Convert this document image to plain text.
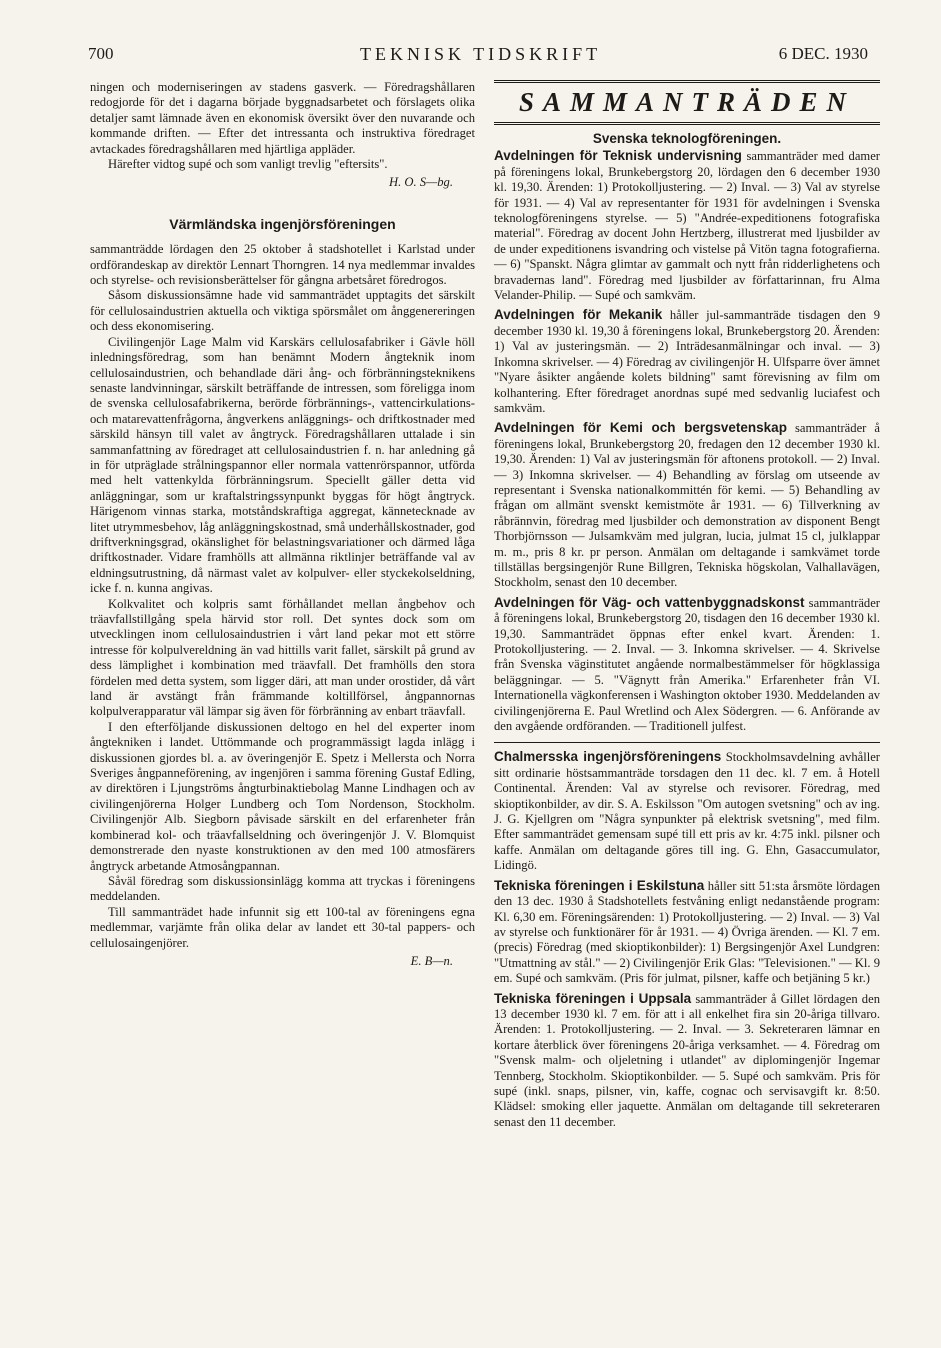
700	TEKNISK TIDSKRIFT	6 DEC. 1930

ningen och moderniseringen av stadens gasverk. — Föredragshållaren redogjorde för det i dagarna började byggnadsarbetet och förslagets olika detaljer samt lämnade även en ekonomisk översikt över den nuvarande och kommande driften. — Efter det intressanta och instruktiva föredraget avtackades föredragshållaren med hjärtliga appläder.

Härefter vidtog supé och som vanligt trevlig "eftersits".

H. O. S—bg.

Värmländska ingenjörsföreningen

sammanträdde lördagen den 25 oktober å stadshotellet i Karlstad under ordförandeskap av direktör Lennart Thorngren. 14 nya medlemmar invaldes och styrelse- och revisionsberättelser för gångna arbetsåret föredrogos.

Såsom diskussionsämne hade vid sammanträdet upptagits det särskilt för cellulosaindustrien aktuella och viktiga spörsmålet om ånggenereringen och dess ekonomisering.

Civilingenjör Lage Malm vid Karskärs cellulosafabriker i Gävle höll inledningsföredrag, som han benämnt Modern ångteknik inom cellulosaindustrien, och behandlade däri ång- och förbränningsteknikens senaste landvinningar, särskilt beträffande de intressen, som föreligga inom de svenska cellulosafabrikerna, berörde förbrännings-, vattencirkulations- och matarevattenfrågorna, ångverkens anläggnings- och driftkostnader med särskild hänsyn till valet av ångtryck. Föredragshållaren uttalade i sin sammanfattning av föredraget att cellulosaindustrien f. n. har anledning gå in för utpräglade strålningspannor eller normala vattenrörspannor, utförda med helt vattenkylda förbränningsrum. Speciellt gäller detta vid anläggningar, som ur kraftalstringssynpunkt byggas för högt ångtryck. Härigenom vinnas starka, motståndskraftiga aggregat, kännetecknade av litet utrymmesbehov, låg anläggningskostnad, små underhållskostnader, god driftverkningsgrad, okänslighet för belastningsvariationer och därmed låga driftkostnader. Vidare framhölls att allmänna riktlinjer beträffande val av eldningsutrustning, då närmast valet av kolpulver- eller styckekolseldning, icke f. n. kunna angivas.

Kolkvalitet och kolpris samt förhållandet mellan ångbehov och träavfallstillgång spela härvid stor roll. Det syntes dock som om utvecklingen inom cellulosaindustrien i vårt land pekar mot ett större intresse för kolpulvereldning än vad hittills varit fallet, särskilt på grund av dess lämplighet i kombination med träavfall. Det framhölls den stora fördelen med detta system, som ligger däri, att man under orostider, då vårt land är avstängt från främmande koltillförsel, ångpannornas kolpulverapparatur väl lämpar sig även för förbränning av enbart träavfall.

I den efterföljande diskussionen deltogo en hel del experter inom ångtekniken i landet. Uttömmande och programmässigt lagda inlägg i diskussionen gjordes bl. a. av överingenjör E. Spetz i Mellersta och Norra Sveriges ångpanneförening, av ingenjören i samma förening Gustaf Edling, av direktören i Ljungströms ångturbinaktiebolag Manne Lindhagen och av civilingenjörerna Holger Lundberg och Tom Nordenson, Stockholm. Civilingenjör Alb. Siegborn påvisade särskilt en del erfarenheter från kombinerad kol- och träavfallseldning och överingenjör J. V. Blomquist demonstrerade den nyaste konstruktionen av den med 100 atmosfärers ångtryck arbetande Atmosångpannan.

Såväl föredrag som diskussionsinlägg komma att tryckas i föreningens meddelanden.

Till sammanträdet hade infunnit sig ett 100-tal av föreningens egna medlemmar, varjämte från olika delar av landet ett 30-tal pappers- och cellulosaingenjörer.

E. B—n.

SAMMANTRÄDEN

Svenska teknologföreningen.

Avdelningen för Teknisk undervisning sammanträder med damer på föreningens lokal, Brunkebergstorg 20, lördagen den 6 december 1930 kl. 19,30. Ärenden: 1) Protokolljustering. — 2) Inval. — 3) Val av styrelse för 1931. — 4) Val av representanter för 1931 för avdelningen i Svenska teknologföreningens styrelse. — 5) "Andrée-expeditionens fotografiska material". Föredrag av docent John Hertzberg, illustrerat med ljusbilder av de under expeditionens isvandring och vistelse på Vitön tagna fotografierna. — 6) "Spanskt. Några glimtar av gammalt och nytt från ridderlighetens och bravadernas land". Föredrag med ljusbilder av författarinnan, fru Alma Velander-Philip. — Supé och samkväm.

Avdelningen för Mekanik håller jul-sammanträde tisdagen den 9 december 1930 kl. 19,30 å föreningens lokal, Brunkebergstorg 20. Ärenden: 1) Val av justeringsmän. — 2) Inträdesanmälningar och inval. — 3) Inkomna skrivelser. — 4) Föredrag av civilingenjör H. Ulfsparre över ämnet "Nyare åsikter angående kolets bildning" samt förevisning av film om kolhantering. Efter föredraget anordnas supé med sedvanlig luciafest och samkväm.

Avdelningen för Kemi och bergsvetenskap sammanträder å föreningens lokal, Brunkebergstorg 20, fredagen den 12 december 1930 kl. 19,30. Ärenden: 1) Val av justeringsmän för aftonens protokoll. — 2) Inval. — 3) Inkomna skrivelser. — 4) Behandling av förslag om utseende av representant i Svenska nationalkommittén för kemi. — 5) Behandling av frågan om allmänt svenskt kemistmöte år 1931. — 6) Tillverkning av råbrännvin, föredrag med ljusbilder och demonstration av disponent Bengt Thorbjörnsson — Julsamkväm med julgran, lucia, julmat 15 cl, julklappar m. m., pris 8 kr. pr person. Anmälan om deltagande i samkvämet torde tillställas bergsingenjör Rune Billgren, Tekniska högskolan, Valhallavägen, Stockholm, senast den 10 december.

Avdelningen för Väg- och vattenbyggnadskonst sammanträder å föreningens lokal, Brunkebergstorg 20, tisdagen den 16 december 1930 kl. 19,30. Sammanträdet öppnas efter enkel kvart. Ärenden: 1. Protokolljustering. — 2. Inval. — 3. Inkomna skrivelser. — 4. Skrivelse från Svenska väginstitutet angående normalbestämmelser för högklassiga beläggningar. — 5. "Vägnytt från Amerika." Erfarenheter från VI. Internationella vägkonferensen i Washington oktober 1930. Meddelanden av civilingenjörerna E. Paul Wretlind och Alex Södergren. — 6. Anförande av den avgående ordföranden. — Traditionell julfest.

Chalmersska ingenjörsföreningens Stockholmsavdelning avhåller sitt ordinarie höstsammanträde torsdagen den 11 dec. kl. 7 em. å Hotell Continental. Ärenden: Val av styrelse och revisorer. Föredrag, med skioptikonbilder, av dir. S. A. Eskilsson "Om autogen svetsning" och av ing. J. G. Kjellgren om "Några synpunkter på elektrisk svetsning", med film. Efter sammanträdet gemensam supé till ett pris av kr. 4:75 inkl. pilsner och kaffe. Anmälan om deltagande göres till ing. G. Ehn, Gasaccumulator, Lidingö.

Tekniska föreningen i Eskilstuna håller sitt 51:sta årsmöte lördagen den 13 dec. 1930 å Stadshotellets festvåning enligt nedanstående program: Kl. 6,30 em. Föreningsärenden: 1) Protokolljustering. — 2) Inval. — 3) Val av styrelse och funktionärer för år 1931. — 4) Övriga ärenden. — Kl. 7 em. (precis) Föredrag (med skioptikonbilder): 1) Bergsingenjör Axel Lundgren: "Utmattning av stål." — 2) Civilingenjör Erik Glas: "Televisionen." — Kl. 9 em. Supé och samkväm. (Pris för julmat, pilsner, kaffe och betjäning 5 kr.)

Tekniska föreningen i Uppsala sammanträder å Gillet lördagen den 13 december 1930 kl. 7 em. för att i all enkelhet fira sin 20-åriga tillvaro. Ärenden: 1. Protokolljustering. — 2. Inval. — 3. Sekreteraren lämnar en kortare återblick över föreningens 20-åriga verksamhet. — 4. Föredrag om "Svensk malm- och oljeletning i utlandet" av diplomingenjör Ingemar Tennberg, Stockholm. Skioptikonbilder. — 5. Supé och samkväm. Pris för supé (inkl. snaps, pilsner, vin, kaffe, cognac och servisavgift kr. 8:50. Klädsel: smoking eller jaquette. Anmälan om deltagande till sekreteraren senast den 11 december.
